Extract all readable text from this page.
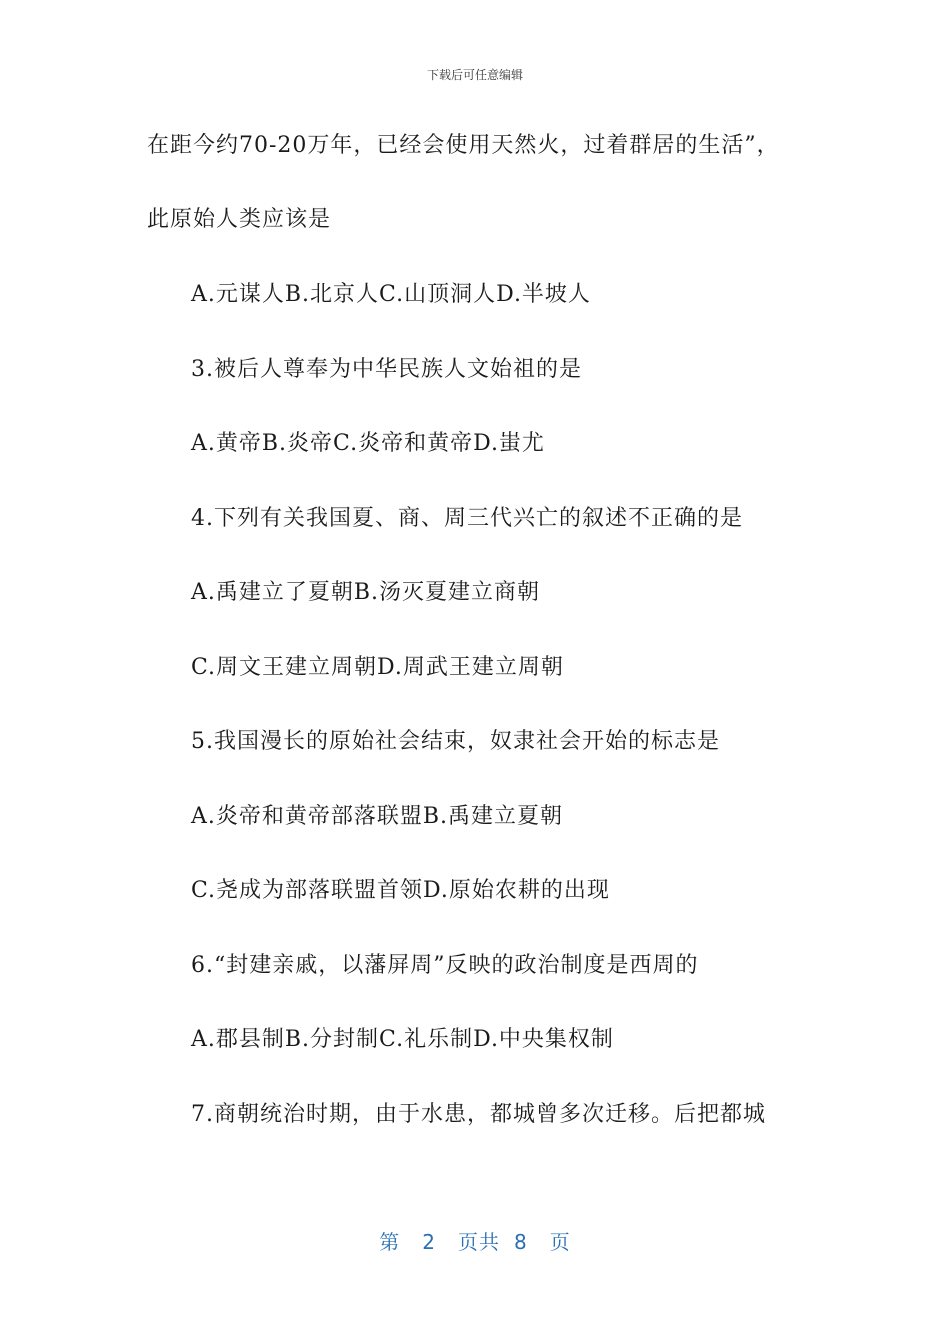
下载后可任意编辑
在距今约70-20万年，已经会使用天然火，过着群居的生活”，
此原始人类应该是
A.元谋人B.北京人C.山顶洞人D.半坡人
3.被后人尊奉为中华民族人文始祖的是
A.黄帝B.炎帝C.炎帝和黄帝D.蚩尤
4.下列有关我国夏、商、周三代兴亡的叙述不正确的是
A.禹建立了夏朝B.汤灭夏建立商朝
C.周文王建立周朝D.周武王建立周朝
5.我国漫长的原始社会结束，奴隶社会开始的标志是
A.炎帝和黄帝部落联盟B.禹建立夏朝
C.尧成为部落联盟首领D.原始农耕的出现
6.“封建亲戚，以藩屏周”反映的政治制度是西周的
A.郡县制B.分封制C.礼乐制D.中央集权制
7.商朝统治时期，由于水患，都城曾多次迁移。后把都城
第 2 页共 8 页
